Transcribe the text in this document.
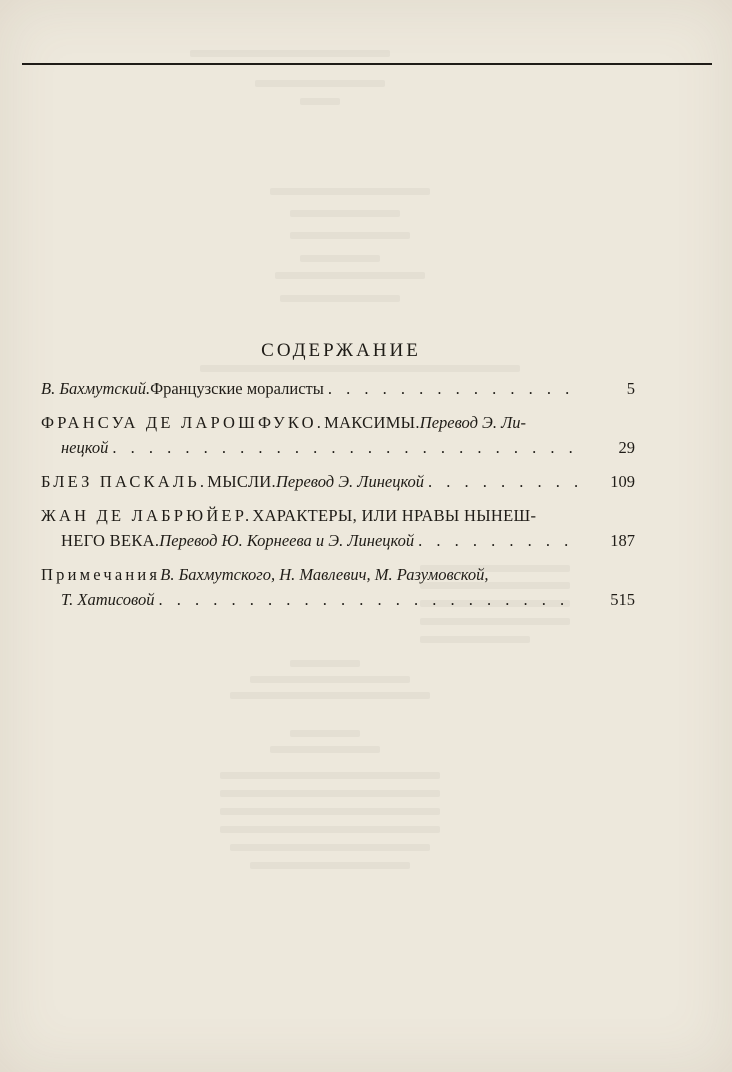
СОДЕРЖАНИЕ
В. Бахмутский. Французские моралисты . . .	5
ФРАНСУА ДЕ ЛАРОШФУКО. МАКСИМЫ. Перевод Э. Ли-
нецкой . . .	29
БЛЕЗ ПАСКАЛЬ. МЫСЛИ. Перевод Э. Линецкой . . .	109
ЖАН ДЕ ЛАБРЮЙЕР. ХАРАКТЕРЫ, ИЛИ НРАВЫ НЫНЕШ-
НЕГО ВЕКА. Перевод Ю. Корнеева и Э. Линецкой . . .	187
Примечания В. Бахмутского, Н. Мавлевич, М. Разумовской,
Т. Хатисовой . . .	515
